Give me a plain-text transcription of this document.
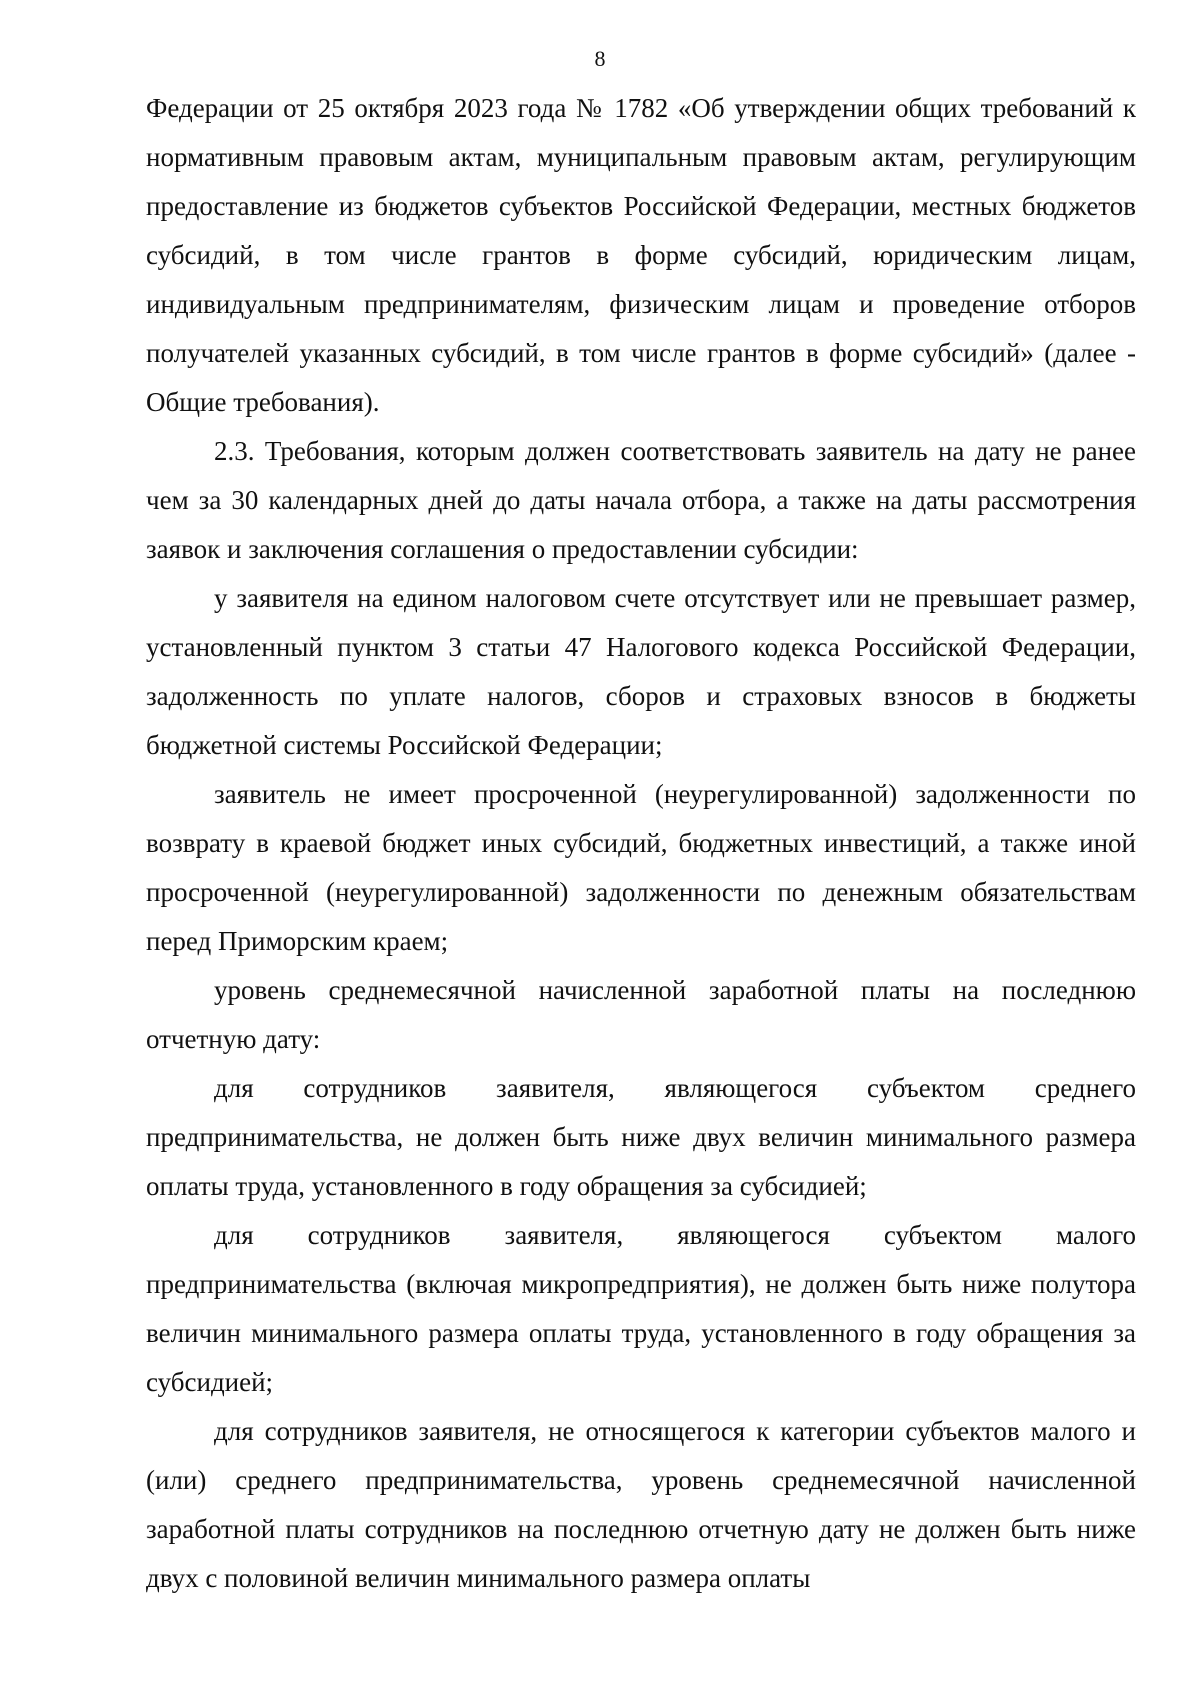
8

Федерации от 25 октября 2023 года № 1782 «Об утверждении общих требований к нормативным правовым актам, муниципальным правовым актам, регулирующим предоставление из бюджетов субъектов Российской Федерации, местных бюджетов субсидий, в том числе грантов в форме субсидий, юридическим лицам, индивидуальным предпринимателям, физическим лицам и проведение отборов получателей указанных субсидий, в том числе грантов в форме субсидий» (далее - Общие требования).

2.3. Требования, которым должен соответствовать заявитель на дату не ранее чем за 30 календарных дней до даты начала отбора, а также на даты рассмотрения заявок и заключения соглашения о предоставлении субсидии:

у заявителя на едином налоговом счете отсутствует или не превышает размер, установленный пунктом 3 статьи 47 Налогового кодекса Российской Федерации, задолженность по уплате налогов, сборов и страховых взносов в бюджеты бюджетной системы Российской Федерации;

заявитель не имеет просроченной (неурегулированной) задолженности по возврату в краевой бюджет иных субсидий, бюджетных инвестиций, а также иной просроченной (неурегулированной) задолженности по денежным обязательствам перед Приморским краем;

уровень среднемесячной начисленной заработной платы на последнюю отчетную дату:

для сотрудников заявителя, являющегося субъектом среднего предпринимательства, не должен быть ниже двух величин минимального размера оплаты труда, установленного в году обращения за субсидией;

для сотрудников заявителя, являющегося субъектом малого предпринимательства (включая микропредприятия), не должен быть ниже полутора величин минимального размера оплаты труда, установленного в году обращения за субсидией;

для сотрудников заявителя, не относящегося к категории субъектов малого и (или) среднего предпринимательства, уровень среднемесячной начисленной заработной платы сотрудников на последнюю отчетную дату не должен быть ниже двух с половиной величин минимального размера оплаты
